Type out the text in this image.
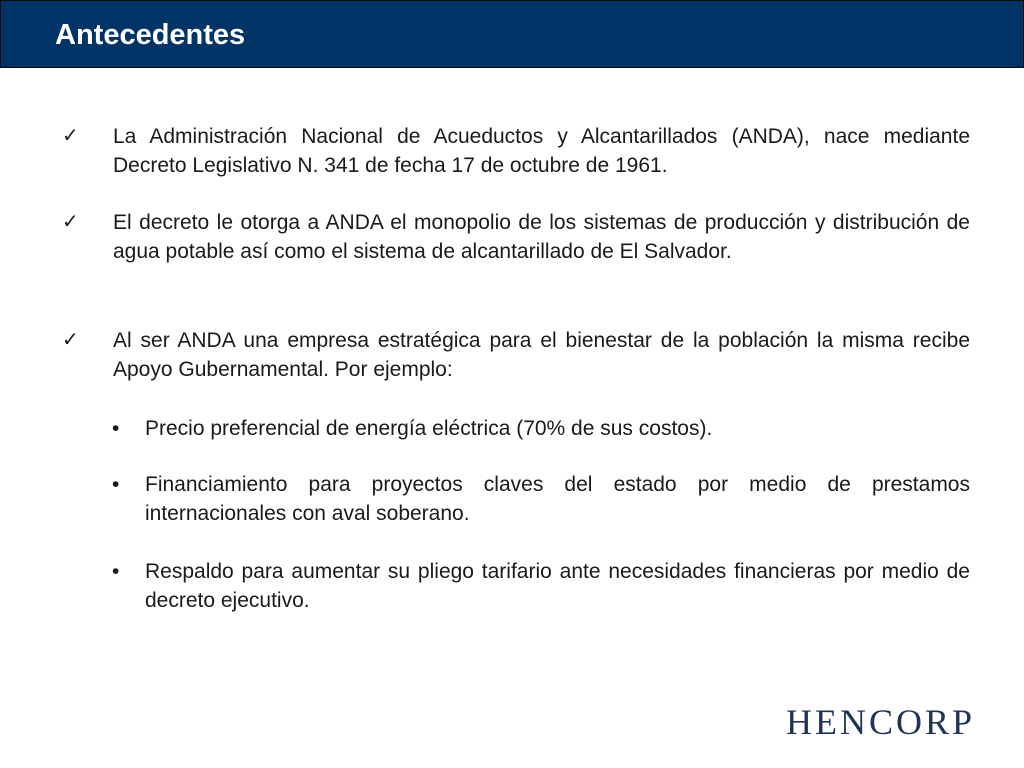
Antecedentes
✓ La Administración Nacional de Acueductos y Alcantarillados (ANDA), nace mediante Decreto Legislativo N. 341 de fecha 17 de octubre de 1961.
✓ El decreto le otorga a ANDA el monopolio de los sistemas de producción y distribución de agua potable así como el sistema de alcantarillado de El Salvador.
✓ Al ser ANDA una empresa estratégica para el bienestar de la población la misma recibe Apoyo Gubernamental. Por ejemplo:
• Precio preferencial de energía eléctrica (70% de sus costos).
• Financiamiento para proyectos claves del estado por medio de prestamos internacionales con aval soberano.
• Respaldo para aumentar su pliego tarifario ante necesidades financieras por medio de decreto ejecutivo.
HENCORP
